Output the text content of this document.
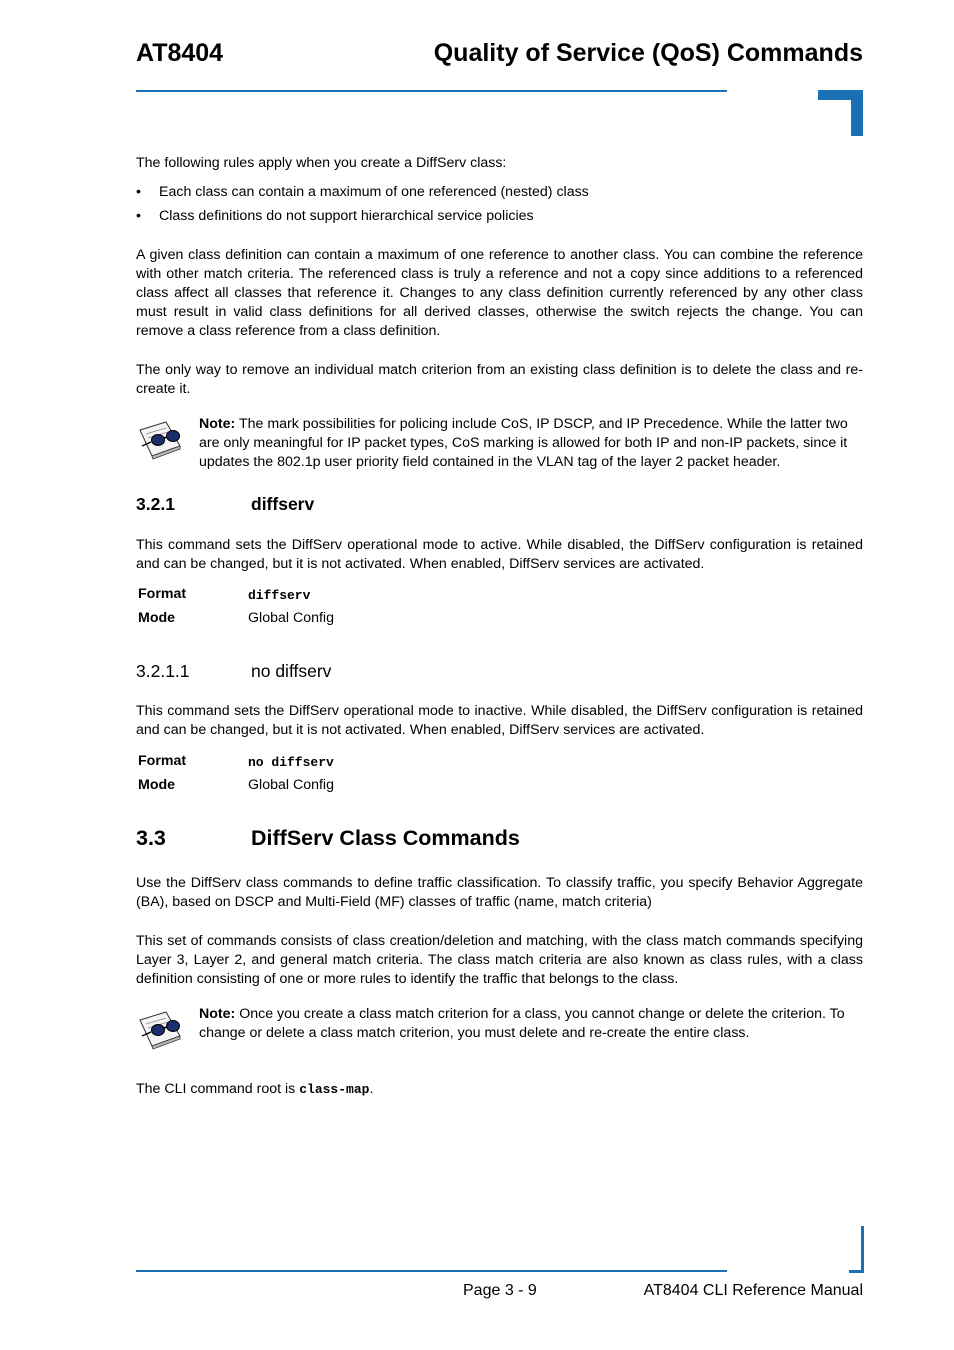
AT8404	Quality of Service (QoS) Commands
The following rules apply when you create a DiffServ class:
• Each class can contain a maximum of one referenced (nested) class
• Class definitions do not support hierarchical service policies
A given class definition can contain a maximum of one reference to another class. You can combine the reference with other match criteria. The referenced class is truly a reference and not a copy since additions to a referenced class affect all classes that reference it. Changes to any class definition currently referenced by any other class must result in valid class definitions for all derived classes, otherwise the switch rejects the change. You can remove a class reference from a class definition.
The only way to remove an individual match criterion from an existing class definition is to delete the class and re-create it.
Note: The mark possibilities for policing include CoS, IP DSCP, and IP Precedence. While the latter two are only meaningful for IP packet types, CoS marking is allowed for both IP and non-IP packets, since it updates the 802.1p user priority field contained in the VLAN tag of the layer 2 packet header.
3.2.1	diffserv
This command sets the DiffServ operational mode to active. While disabled, the DiffServ configuration is retained and can be changed, but it is not activated. When enabled, DiffServ services are activated.
Format	diffserv
Mode	Global Config
3.2.1.1	no diffserv
This command sets the DiffServ operational mode to inactive. While disabled, the DiffServ configuration is retained and can be changed, but it is not activated. When enabled, DiffServ services are activated.
Format	no diffserv
Mode	Global Config
3.3	DiffServ Class Commands
Use the DiffServ class commands to define traffic classification. To classify traffic, you specify Behavior Aggregate (BA), based on DSCP and Multi-Field (MF) classes of traffic (name, match criteria)
This set of commands consists of class creation/deletion and matching, with the class match commands specifying Layer 3, Layer 2, and general match criteria. The class match criteria are also known as class rules, with a class definition consisting of one or more rules to identify the traffic that belongs to the class.
Note: Once you create a class match criterion for a class, you cannot change or delete the criterion. To change or delete a class match criterion, you must delete and re-create the entire class.
The CLI command root is class-map.
Page 3 - 9	AT8404 CLI Reference Manual
